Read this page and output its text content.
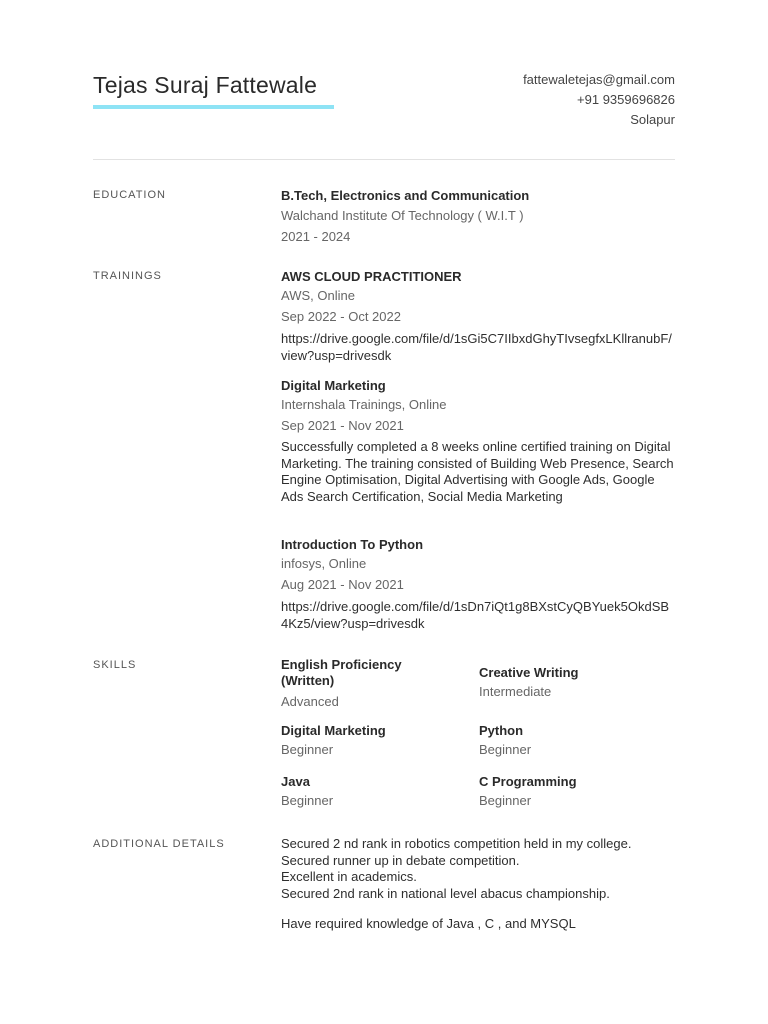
Tejas Suraj Fattewale	fattewaletejas@gmail.com
+91 9359696826
Solapur
EDUCATION	B.Tech, Electronics and Communication
Walchand Institute Of Technology ( W.I.T )
2021 - 2024
TRAININGS	AWS CLOUD PRACTITIONER
AWS, Online
Sep 2022 - Oct 2022
https://drive.google.com/file/d/1sGi5C7IIbxdGhyTIvsegfxLKllranubF/view?usp=drivesdk
Digital Marketing
Internshala Trainings, Online
Sep 2021 - Nov 2021
Successfully completed a 8 weeks online certified training on Digital Marketing. The training consisted of Building Web Presence, Search Engine Optimisation, Digital Advertising with Google Ads, Google Ads Search Certification, Social Media Marketing
Introduction To Python
infosys, Online
Aug 2021 - Nov 2021
https://drive.google.com/file/d/1sDn7iQt1g8BXstCyQBYuek5OkdSB4Kz5/view?usp=drivesdk
SKILLS	English Proficiency (Written)
Advanced
Creative Writing
Intermediate
Digital Marketing
Beginner
Python
Beginner
Java
Beginner
C Programming
Beginner
ADDITIONAL DETAILS	Secured 2 nd rank in robotics competition held in my college.
Secured runner up in debate competition.
Excellent in academics.
Secured 2nd rank in national level abacus championship.
Have required knowledge of Java , C , and MYSQL
